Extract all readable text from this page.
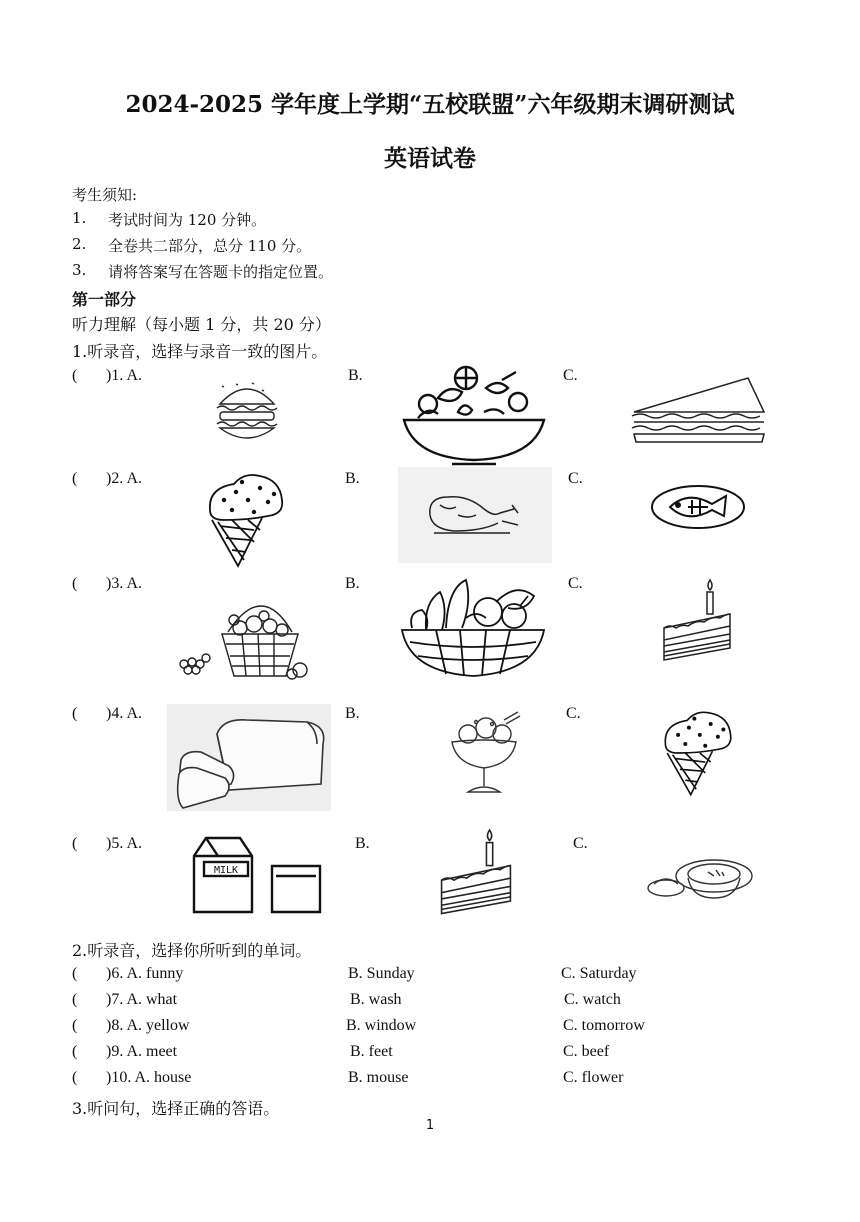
2024-2025 学年度上学期“五校联盟”六年级期末调研测试
英语试卷
考生须知:
1. 考试时间为 120 分钟。
2. 全卷共二部分，总分 110 分。
3. 请将答案写在答题卡的指定位置。
第一部分
听力理解（每小题 1 分，共 20 分）
1.听录音，选择与录音一致的图片。
( )1. A.	B.	C.
( )2. A.	B.	C.
( )3. A.	B.	C.
( )4. A.	B.	C.
( )5. A.	B.	C.
MILK
2.听录音，选择你所听到的单词。
( )6. A. funny	B. Sunday	C. Saturday
( )7. A. what	B. wash	C. watch
( )8. A. yellow	B. window	C. tomorrow
( )9. A. meet	B. feet	C. beef
( )10. A. house	B. mouse	C. flower
3.听问句，选择正确的答语。
1
